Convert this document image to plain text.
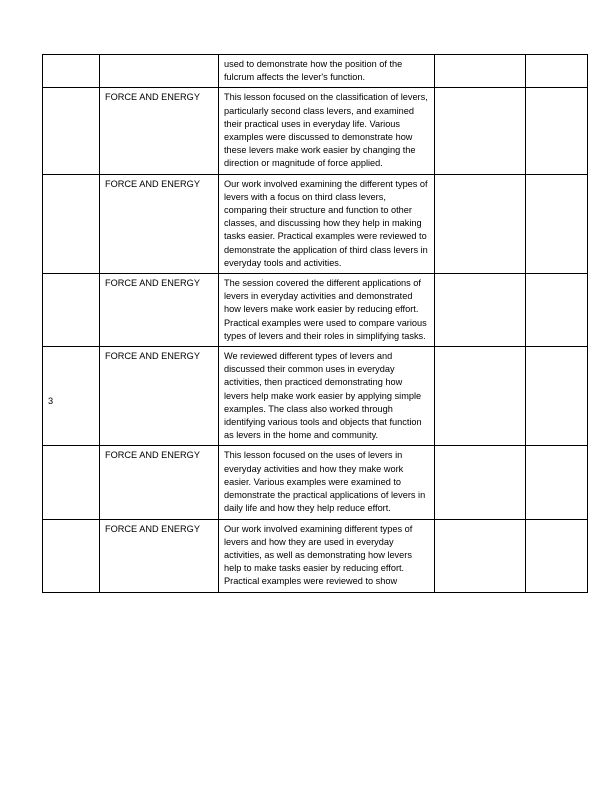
		used to demonstrate how the position of the fulcrum affects the lever's function.		
	FORCE AND ENERGY	This lesson focused on the classification of levers, particularly second class levers, and examined their practical uses in everyday life. Various examples were discussed to demonstrate how these levers make work easier by changing the direction or magnitude of force applied.		
	FORCE AND ENERGY	Our work involved examining the different types of levers with a focus on third class levers, comparing their structure and function to other classes, and discussing how they help in making tasks easier. Practical examples were reviewed to demonstrate the application of third class levers in everyday tools and activities.		
	FORCE AND ENERGY	The session covered the different applications of levers in everyday activities and demonstrated how levers make work easier by reducing effort. Practical examples were used to compare various types of levers and their roles in simplifying tasks.		
3	FORCE AND ENERGY	We reviewed different types of levers and discussed their common uses in everyday activities, then practiced demonstrating how levers help make work easier by applying simple examples. The class also worked through identifying various tools and objects that function as levers in the home and community.		
	FORCE AND ENERGY	This lesson focused on the uses of levers in everyday activities and how they make work easier. Various examples were examined to demonstrate the practical applications of levers in daily life and how they help reduce effort.		
	FORCE AND ENERGY	Our work involved examining different types of levers and how they are used in everyday activities, as well as demonstrating how levers help to make tasks easier by reducing effort. Practical examples were reviewed to show		
